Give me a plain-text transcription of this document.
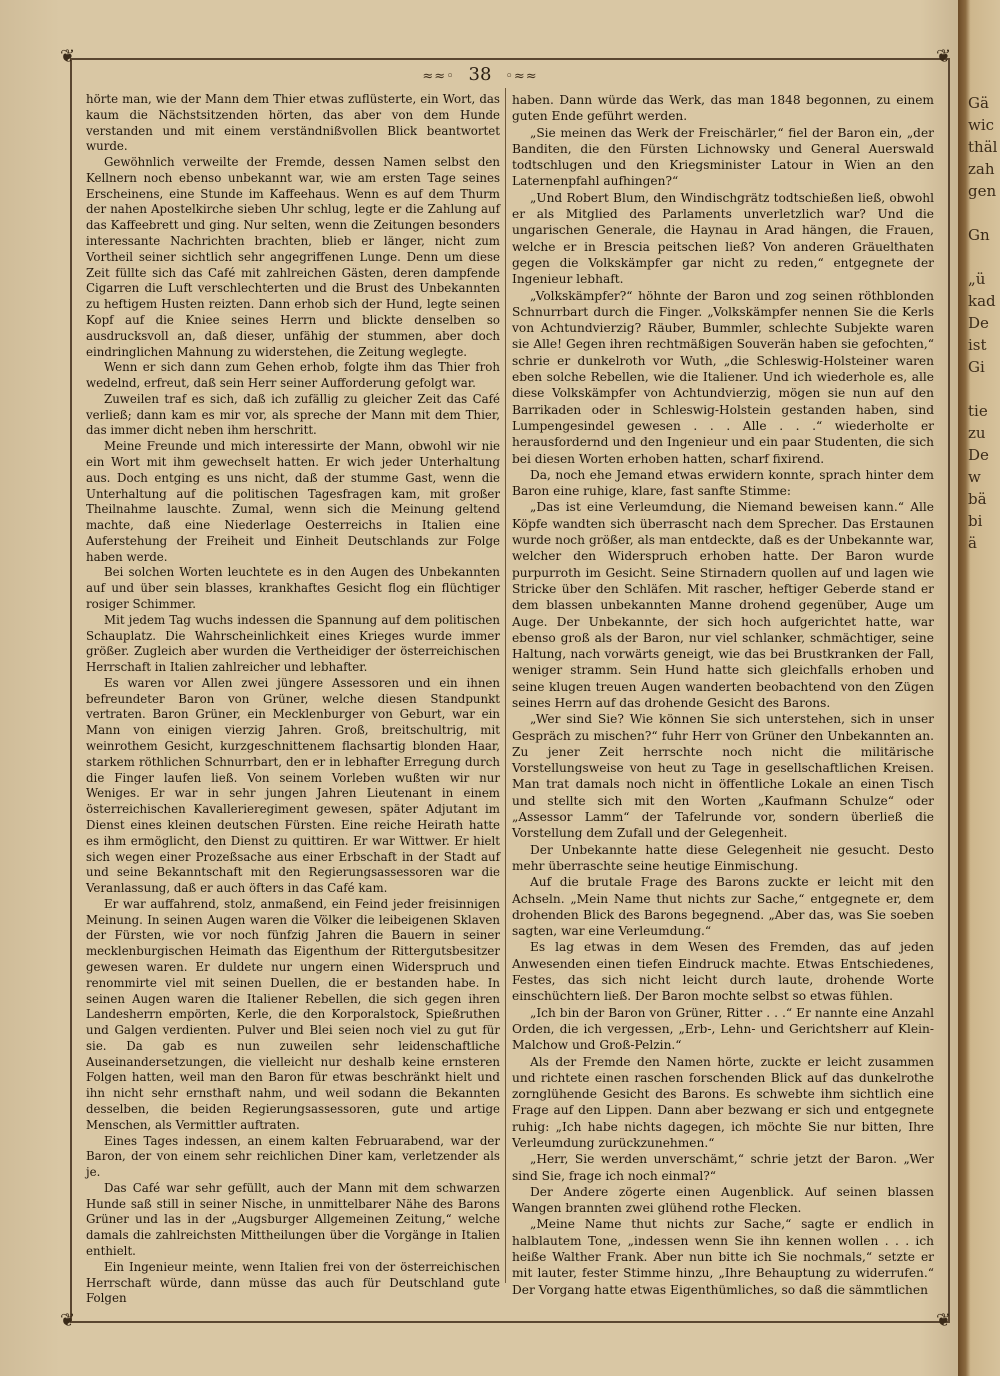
❦	❦
❦	❦
≈≈◦ 38 ◦≈≈

hörte man, wie der Mann dem Thier etwas zuflüsterte, ein Wort, das kaum die Nächstsitzenden hörten, das aber von dem Hunde verstanden und mit einem verständnißvollen Blick beantwortet wurde.

Gewöhnlich verweilte der Fremde, dessen Namen selbst den Kellnern noch ebenso unbekannt war, wie am ersten Tage seines Erscheinens, eine Stunde im Kaffeehaus. Wenn es auf dem Thurm der nahen Apostelkirche sieben Uhr schlug, legte er die Zahlung auf das Kaffeebrett und ging. Nur selten, wenn die Zeitungen besonders interessante Nachrichten brachten, blieb er länger, nicht zum Vortheil seiner sichtlich sehr angegriffenen Lunge. Denn um diese Zeit füllte sich das Café mit zahlreichen Gästen, deren dampfende Cigarren die Luft verschlechterten und die Brust des Unbekannten zu heftigem Husten reizten. Dann erhob sich der Hund, legte seinen Kopf auf die Kniee seines Herrn und blickte denselben so ausdrucksvoll an, daß dieser, unfähig der stummen, aber doch eindringlichen Mahnung zu widerstehen, die Zeitung weglegte.

Wenn er sich dann zum Gehen erhob, folgte ihm das Thier froh wedelnd, erfreut, daß sein Herr seiner Aufforderung gefolgt war.

Zuweilen traf es sich, daß ich zufällig zu gleicher Zeit das Café verließ; dann kam es mir vor, als spreche der Mann mit dem Thier, das immer dicht neben ihm herschritt.

Meine Freunde und mich interessirte der Mann, obwohl wir nie ein Wort mit ihm gewechselt hatten. Er wich jeder Unterhaltung aus. Doch entging es uns nicht, daß der stumme Gast, wenn die Unterhaltung auf die politischen Tagesfragen kam, mit großer Theilnahme lauschte. Zumal, wenn sich die Meinung geltend machte, daß eine Niederlage Oesterreichs in Italien eine Auferstehung der Freiheit und Einheit Deutschlands zur Folge haben werde.

Bei solchen Worten leuchtete es in den Augen des Unbekannten auf und über sein blasses, krankhaftes Gesicht flog ein flüchtiger rosiger Schimmer.

Mit jedem Tag wuchs indessen die Spannung auf dem politischen Schauplatz. Die Wahrscheinlichkeit eines Krieges wurde immer größer. Zugleich aber wurden die Vertheidiger der österreichischen Herrschaft in Italien zahlreicher und lebhafter.

Es waren vor Allen zwei jüngere Assessoren und ein ihnen befreundeter Baron von Grüner, welche diesen Standpunkt vertraten. Baron Grüner, ein Mecklenburger von Geburt, war ein Mann von einigen vierzig Jahren. Groß, breitschultrig, mit weinrothem Gesicht, kurzgeschnittenem flachsartig blonden Haar, starkem röthlichen Schnurrbart, den er in lebhafter Erregung durch die Finger laufen ließ. Von seinem Vorleben wußten wir nur Weniges. Er war in sehr jungen Jahren Lieutenant in einem österreichischen Kavallerieregiment gewesen, später Adjutant im Dienst eines kleinen deutschen Fürsten. Eine reiche Heirath hatte es ihm ermöglicht, den Dienst zu quittiren. Er war Wittwer. Er hielt sich wegen einer Prozeßsache aus einer Erbschaft in der Stadt auf und seine Bekanntschaft mit den Regierungsassessoren war die Veranlassung, daß er auch öfters in das Café kam.

Er war auffahrend, stolz, anmaßend, ein Feind jeder freisinnigen Meinung. In seinen Augen waren die Völker die leibeigenen Sklaven der Fürsten, wie vor noch fünfzig Jahren die Bauern in seiner mecklenburgischen Heimath das Eigenthum der Rittergutsbesitzer gewesen waren. Er duldete nur ungern einen Widerspruch und renommirte viel mit seinen Duellen, die er bestanden habe. In seinen Augen waren die Italiener Rebellen, die sich gegen ihren Landesherrn empörten, Kerle, die den Korporalstock, Spießruthen und Galgen verdienten. Pulver und Blei seien noch viel zu gut für sie. Da gab es nun zuweilen sehr leidenschaftliche Auseinandersetzungen, die vielleicht nur deshalb keine ernsteren Folgen hatten, weil man den Baron für etwas beschränkt hielt und ihn nicht sehr ernsthaft nahm, und weil sodann die Bekannten desselben, die beiden Regierungsassessoren, gute und artige Menschen, als Vermittler auftraten.

Eines Tages indessen, an einem kalten Februarabend, war der Baron, der von einem sehr reichlichen Diner kam, verletzender als je.

Das Café war sehr gefüllt, auch der Mann mit dem schwarzen Hunde saß still in seiner Nische, in unmittelbarer Nähe des Barons Grüner und las in der „Augsburger Allgemeinen Zeitung,“ welche damals die zahlreichsten Mittheilungen über die Vorgänge in Italien enthielt.

Ein Ingenieur meinte, wenn Italien frei von der österreichischen Herrschaft würde, dann müsse das auch für Deutschland gute Folgen

haben. Dann würde das Werk, das man 1848 begonnen, zu einem guten Ende geführt werden.

„Sie meinen das Werk der Freischärler,“ fiel der Baron ein, „der Banditen, die den Fürsten Lichnowsky und General Auerswald todtschlugen und den Kriegsminister Latour in Wien an den Laternenpfahl aufhingen?“

„Und Robert Blum, den Windischgrätz todtschießen ließ, obwohl er als Mitglied des Parlaments unverletzlich war? Und die ungarischen Generale, die Haynau in Arad hängen, die Frauen, welche er in Brescia peitschen ließ? Von anderen Gräuelthaten gegen die Volkskämpfer gar nicht zu reden,“ entgegnete der Ingenieur lebhaft.

„Volkskämpfer?“ höhnte der Baron und zog seinen röthblonden Schnurrbart durch die Finger. „Volkskämpfer nennen Sie die Kerls von Achtundvierzig? Räuber, Bummler, schlechte Subjekte waren sie Alle! Gegen ihren rechtmäßigen Souverän haben sie gefochten,“ schrie er dunkelroth vor Wuth, „die Schleswig-Holsteiner waren eben solche Rebellen, wie die Italiener. Und ich wiederhole es, alle diese Volkskämpfer von Achtundvierzig, mögen sie nun auf den Barrikaden oder in Schleswig-Holstein gestanden haben, sind Lumpengesindel gewesen . . . Alle . . .“ wiederholte er herausfordernd und den Ingenieur und ein paar Studenten, die sich bei diesen Worten erhoben hatten, scharf fixirend.

Da, noch ehe Jemand etwas erwidern konnte, sprach hinter dem Baron eine ruhige, klare, fast sanfte Stimme:

„Das ist eine Verleumdung, die Niemand beweisen kann.“ Alle Köpfe wandten sich überrascht nach dem Sprecher. Das Erstaunen wurde noch größer, als man entdeckte, daß es der Unbekannte war, welcher den Widerspruch erhoben hatte. Der Baron wurde purpurroth im Gesicht. Seine Stirnadern quollen auf und lagen wie Stricke über den Schläfen. Mit rascher, heftiger Geberde stand er dem blassen unbekannten Manne drohend gegenüber, Auge um Auge. Der Unbekannte, der sich hoch aufgerichtet hatte, war ebenso groß als der Baron, nur viel schlanker, schmächtiger, seine Haltung, nach vorwärts geneigt, wie das bei Brustkranken der Fall, weniger stramm. Sein Hund hatte sich gleichfalls erhoben und seine klugen treuen Augen wanderten beobachtend von den Zügen seines Herrn auf das drohende Gesicht des Barons.

„Wer sind Sie? Wie können Sie sich unterstehen, sich in unser Gespräch zu mischen?“ fuhr Herr von Grüner den Unbekannten an. Zu jener Zeit herrschte noch nicht die militärische Vorstellungsweise von heut zu Tage in gesellschaftlichen Kreisen. Man trat damals noch nicht in öffentliche Lokale an einen Tisch und stellte sich mit den Worten „Kaufmann Schulze“ oder „Assessor Lamm“ der Tafelrunde vor, sondern überließ die Vorstellung dem Zufall und der Gelegenheit.

Der Unbekannte hatte diese Gelegenheit nie gesucht. Desto mehr überraschte seine heutige Einmischung.

Auf die brutale Frage des Barons zuckte er leicht mit den Achseln. „Mein Name thut nichts zur Sache,“ entgegnete er, dem drohenden Blick des Barons begegnend. „Aber das, was Sie soeben sagten, war eine Verleumdung.“

Es lag etwas in dem Wesen des Fremden, das auf jeden Anwesenden einen tiefen Eindruck machte. Etwas Entschiedenes, Festes, das sich nicht leicht durch laute, drohende Worte einschüchtern ließ. Der Baron mochte selbst so etwas fühlen.

„Ich bin der Baron von Grüner, Ritter . . .“ Er nannte eine Anzahl Orden, die ich vergessen, „Erb-, Lehn- und Gerichtsherr auf Klein-Malchow und Groß-Pelzin.“

Als der Fremde den Namen hörte, zuckte er leicht zusammen und richtete einen raschen forschenden Blick auf das dunkelrothe zornglühende Gesicht des Barons. Es schwebte ihm sichtlich eine Frage auf den Lippen. Dann aber bezwang er sich und entgegnete ruhig: „Ich habe nichts dagegen, ich möchte Sie nur bitten, Ihre Verleumdung zurückzunehmen.“

„Herr, Sie werden unverschämt,“ schrie jetzt der Baron. „Wer sind Sie, frage ich noch einmal?“

Der Andere zögerte einen Augenblick. Auf seinen blassen Wangen brannten zwei glühend rothe Flecken.

„Meine Name thut nichts zur Sache,“ sagte er endlich in halblautem Tone, „indessen wenn Sie ihn kennen wollen . . . ich heiße Walther Frank. Aber nun bitte ich Sie nochmals,“ setzte er mit lauter, fester Stimme hinzu, „Ihre Behauptung zu widerrufen.“ Der Vorgang hatte etwas Eigenthümliches, so daß die sämmtlichen

Gä
wic
thäl
zah
gen

Gn

„ü
kad
De
ist
Gi

tie
zu
De
w
bä
bi
ä
